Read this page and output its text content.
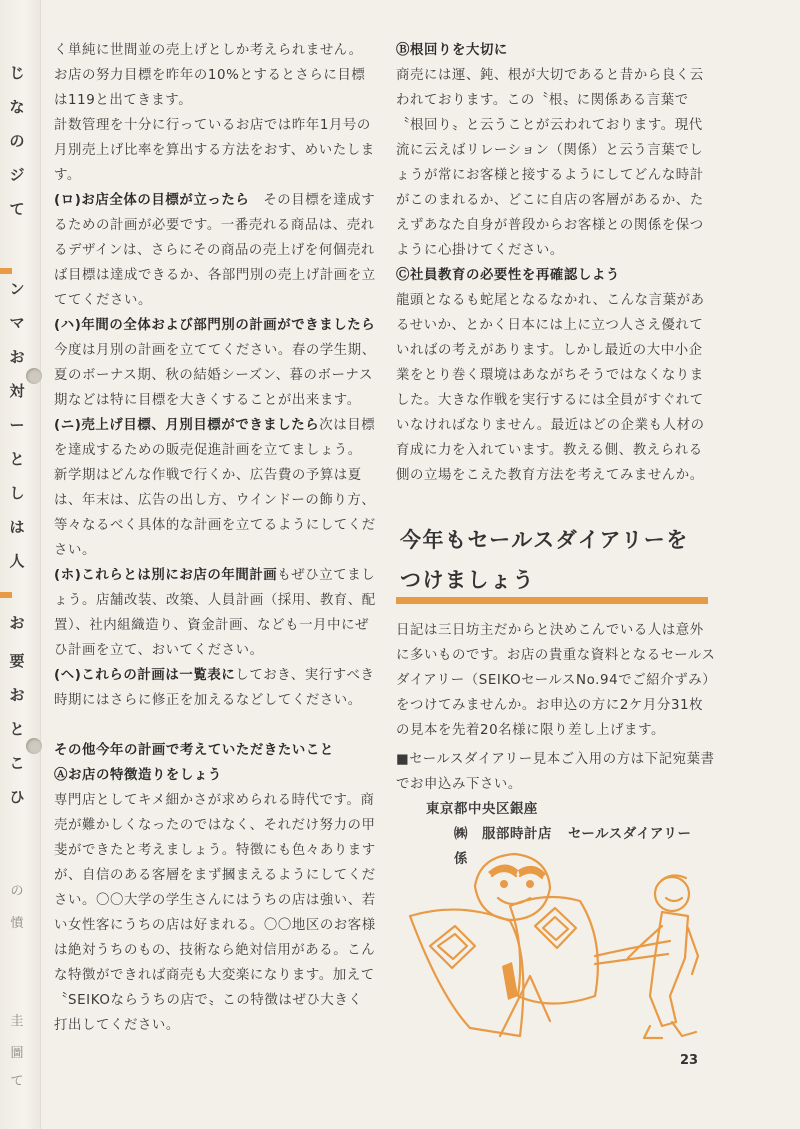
じ
な
の
ジ
て
ン
マ
お
対
ー
と
し
は
人
お
要
お
と
こ
ひ
の
憤
圭
圖
て

く単純に世間並の売上げとしか考えられません。お店の努力目標を昨年の10%とするとさらに目標は119と出てきます。

計数管理を十分に行っているお店では昨年1月号の月別売上げ比率を算出する方法をおす、めいたします。

(ロ)お店全体の目標が立ったら　その目標を達成するための計画が必要です。一番売れる商品は、売れるデザインは、さらにその商品の売上げを何個売れば目標は達成できるか、各部門別の売上げ計画を立ててください。

(ハ)年間の全体および部門別の計画ができましたら今度は月別の計画を立ててください。春の学生期、夏のボーナス期、秋の結婚シーズン、暮のボーナス期などは特に目標を大きくすることが出来ます。

(ニ)売上げ目標、月別目標ができましたら次は目標を達成するための販売促進計画を立てましょう。

新学期はどんな作戦で行くか、広告費の予算は夏は、年末は、広告の出し方、ウインドーの飾り方、等々なるべく具体的な計画を立てるようにしてください。

(ホ)これらとは別にお店の年間計画もぜひ立てましょう。店舗改装、改築、人員計画（採用、教育、配置）、社内組織造り、資金計画、なども一月中にぜひ計画を立て、おいてください。

(ヘ)これらの計画は一覧表にしておき、実行すべき時期にはさらに修正を加えるなどしてください。

その他今年の計画で考えていただきたいこと

Ⓐお店の特徴造りをしょう

専門店としてキメ細かさが求められる時代です。商売が難かしくなったのではなく、それだけ努力の甲斐ができたと考えましょう。特徴にも色々ありますが、自信のある客層をまず摑まえるようにしてください。〇〇大学の学生さんにはうちの店は強い、若い女性客にうちの店は好まれる。〇〇地区のお客様は絶対うちのもの、技術なら絶対信用がある。こんな特徴ができれば商売も大変楽になります。加えて〝SEIKOならうちの店で〟この特徴はぜひ大きく打出してください。

Ⓑ根回りを大切に

商売には運、鈍、根が大切であると昔から良く云われております。この〝根〟に関係ある言葉で〝根回り〟と云うことが云われております。現代流に云えばリレーション（関係）と云う言葉でしょうが常にお客様と接するようにしてどんな時計がこのまれるか、どこに自店の客層があるか、たえずあなた自身が普段からお客様との関係を保つように心掛けてください。

Ⓒ社員教育の必要性を再確認しよう

龍頭となるも蛇尾となるなかれ、こんな言葉があるせいか、とかく日本には上に立つ人さえ優れていればの考えがあります。しかし最近の大中小企業をとり巻く環境はあながちそうではなくなりました。大きな作戦を実行するには全員がすぐれていなければなりません。最近はどの企業も人材の育成に力を入れています。教える側、教えられる側の立場をこえた教育方法を考えてみませんか。

今年もセールスダイアリーを
つけましょう

日記は三日坊主だからと決めこんでいる人は意外に多いものです。お店の貴重な資料となるセールスダイアリー（SEIKOセールスNo.94でご紹介ずみ）をつけてみませんか。お申込の方に2ケ月分31枚の見本を先着20名様に限り差し上げます。

■セールスダイアリー見本ご入用の方は下記宛葉書でお申込み下さい。

東京都中央区銀座

㈱　服部時計店 セールスダイアリー係

23
